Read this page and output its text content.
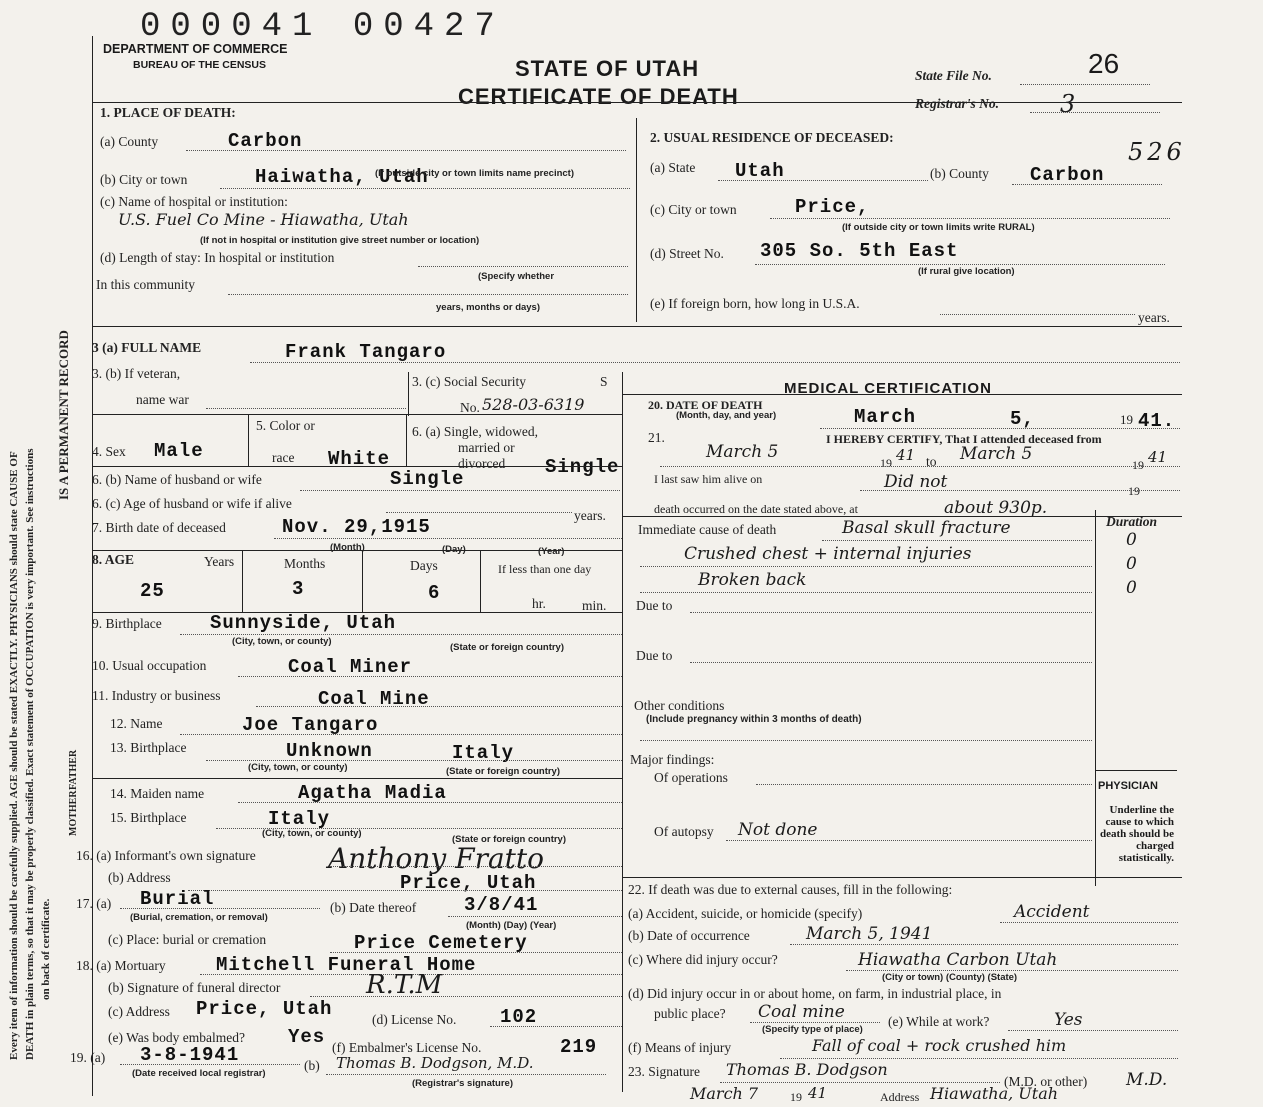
Every item of information should be carefully supplied. AGE should be stated EXACTLY. PHYSICIANS should state CAUSE OF DEATH in plain terms, so that it may be properly classified. Exact statement of OCCUPATION is very important. See instructions on back of certificate.
IS A PERMANENT RECORD
000041 00427
DEPARTMENT OF COMMERCE
BUREAU OF THE CENSUS	STATE OF UTAH
CERTIFICATE OF DEATH
State File No.	26
Registrar's No.	3
526
1. PLACE OF DEATH:
(a) County	Carbon
(b) City or town	Haiwatha, Utah
(If outside city or town limits name precinct)
(c) Name of hospital or institution:
U.S. Fuel Co Mine - Hiawatha, Utah
(If not in hospital or institution give street number or location)
(d) Length of stay: In hospital or institution
(Specify whether
In this community
years, months or days)
2. USUAL RESIDENCE OF DECEASED:
(a) State Utah	(b) County Carbon
(c) City or town	Price,
(If outside city or town limits write RURAL)
(d) Street No. 305 So. 5th East
(If rural give location)
(e) If foreign born, how long in U.S.A.
years.
3 (a) FULL NAME	Frank Tangaro
3. (b) If veteran,
name war
3. (c) Social Security	S
No. 528-03-6319
4. Sex Male
5. Color or
race White
6. (a) Single, widowed,
married or
divorced Single
6. (b) Name of husband or wife	Single
6. (c) Age of husband or wife if alive
years.
7. Birth date of deceased	Nov. 29,1915
(Month)	(Day)	(Year)
8. AGE	Years	Months	Days	If less than one day
25	3	6	hr.	min.
9. Birthplace	Sunnyside, Utah
(City, town, or county)
(State or foreign country)
10. Usual occupation	Coal Miner
11. Industry or business	Coal Mine
FATHER
12. Name	Joe Tangaro
13. Birthplace	Unknown	Italy
(City, town, or county)	(State or foreign country)
MOTHER 14. Maiden name	Agatha Madia
15. Birthplace	Italy
(City, town, or county)
(State or foreign country)
16. (a) Informant's own signature	Anthony Fratto
(b) Address	Price, Utah
17. (a) Burial
(Burial, cremation, or removal)
(b) Date thereof	3/8/41
(Month) (Day) (Year)
(c) Place: burial or cremation	Price Cemetery
18. (a) Mortuary	Mitchell Funeral Home
(b) Signature of funeral director	R.T.M
(c) Address Price, Utah	(d) License No. 102
(e) Was body embalmed? Yes (f) Embalmer's License No.	219
19. (a) 3-8-1941
(Date received local registrar)
(b) Thomas B. Dodgson, M.D.
(Registrar's signature)
MEDICAL CERTIFICATION
20. DATE OF DEATH
(Month, day, and year)	March	5,	19 41.
21.	I HEREBY CERTIFY, That I attended deceased from
March 5
19 41 to March 5
19 41
I last saw him alive on	Did not	19
death occurred on the date stated above, at	about 930p.
Immediate cause of death	Basal skull fracture
Crushed chest + internal injuries
Broken back
Duration
0
0
0
Due to
Due to
Other conditions
(Include pregnancy within 3 months of death)
Major findings:
Of operations
Of autopsy Not done
PHYSICIAN
Underline the cause to which death should be charged statistically.
22. If death was due to external causes, fill in the following:
(a) Accident, suicide, or homicide (specify)	Accident
(b) Date of occurrence	March 5, 1941
(c) Where did injury occur?	Hiawatha Carbon Utah
(City or town) (County) (State)
(d) Did injury occur in or about home, on farm, in industrial place, in
public place? Coal mine
(Specify type of place)
(e) While at work?	Yes
(f) Means of injury	Fall of coal + rock crushed him
23. Signature Thomas B. Dodgson
(M.D. or other) M.D.
March 7	19 41	Address Hiawatha, Utah
